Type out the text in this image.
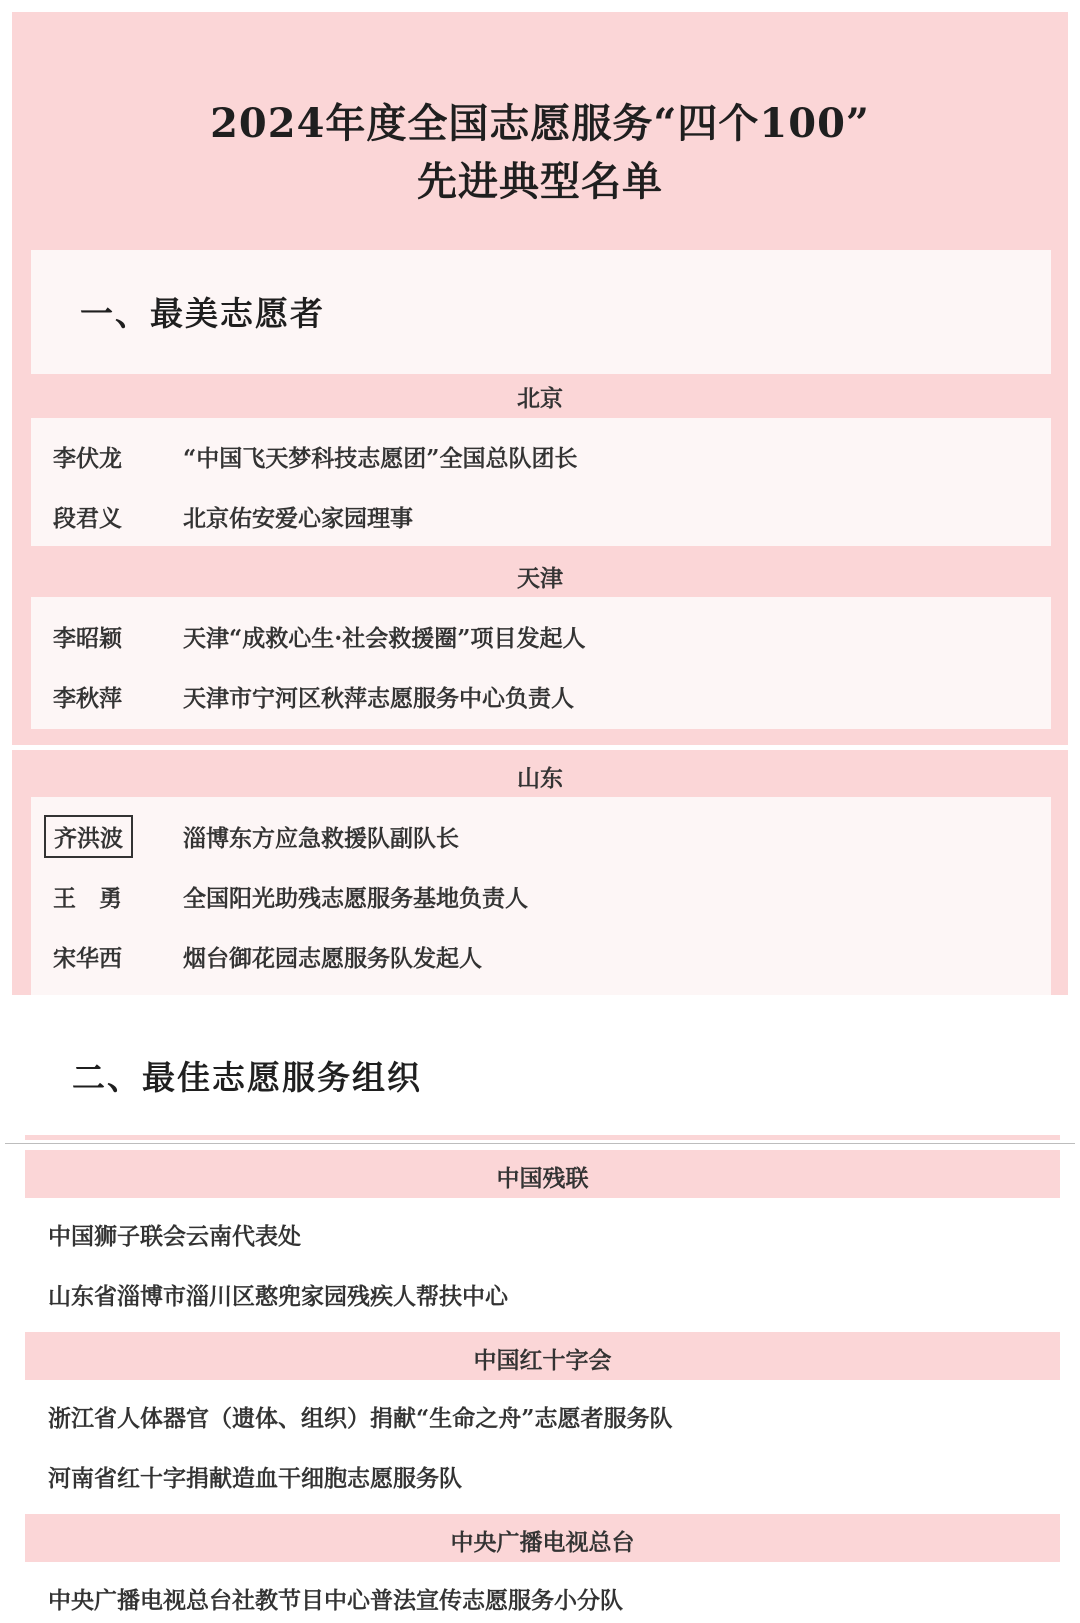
2024年度全国志愿服务“四个100”
先进典型名单
一、最美志愿者
北京
李伏龙	“中国飞天梦科技志愿团”全国总队团长
段君义	北京佑安爱心家园理事
天津
李昭颖	天津“成救心生·社会救援圈”项目发起人
李秋萍	天津市宁河区秋萍志愿服务中心负责人
山东
齐洪波	淄博东方应急救援队副队长
王　勇	全国阳光助残志愿服务基地负责人
宋华西	烟台御花园志愿服务队发起人
二、最佳志愿服务组织
中国残联
中国狮子联会云南代表处
山东省淄博市淄川区憨兜家园残疾人帮扶中心
中国红十字会
浙江省人体器官（遗体、组织）捐献“生命之舟”志愿者服务队
河南省红十字捐献造血干细胞志愿服务队
中央广播电视总台
中央广播电视总台社教节目中心普法宣传志愿服务小分队
